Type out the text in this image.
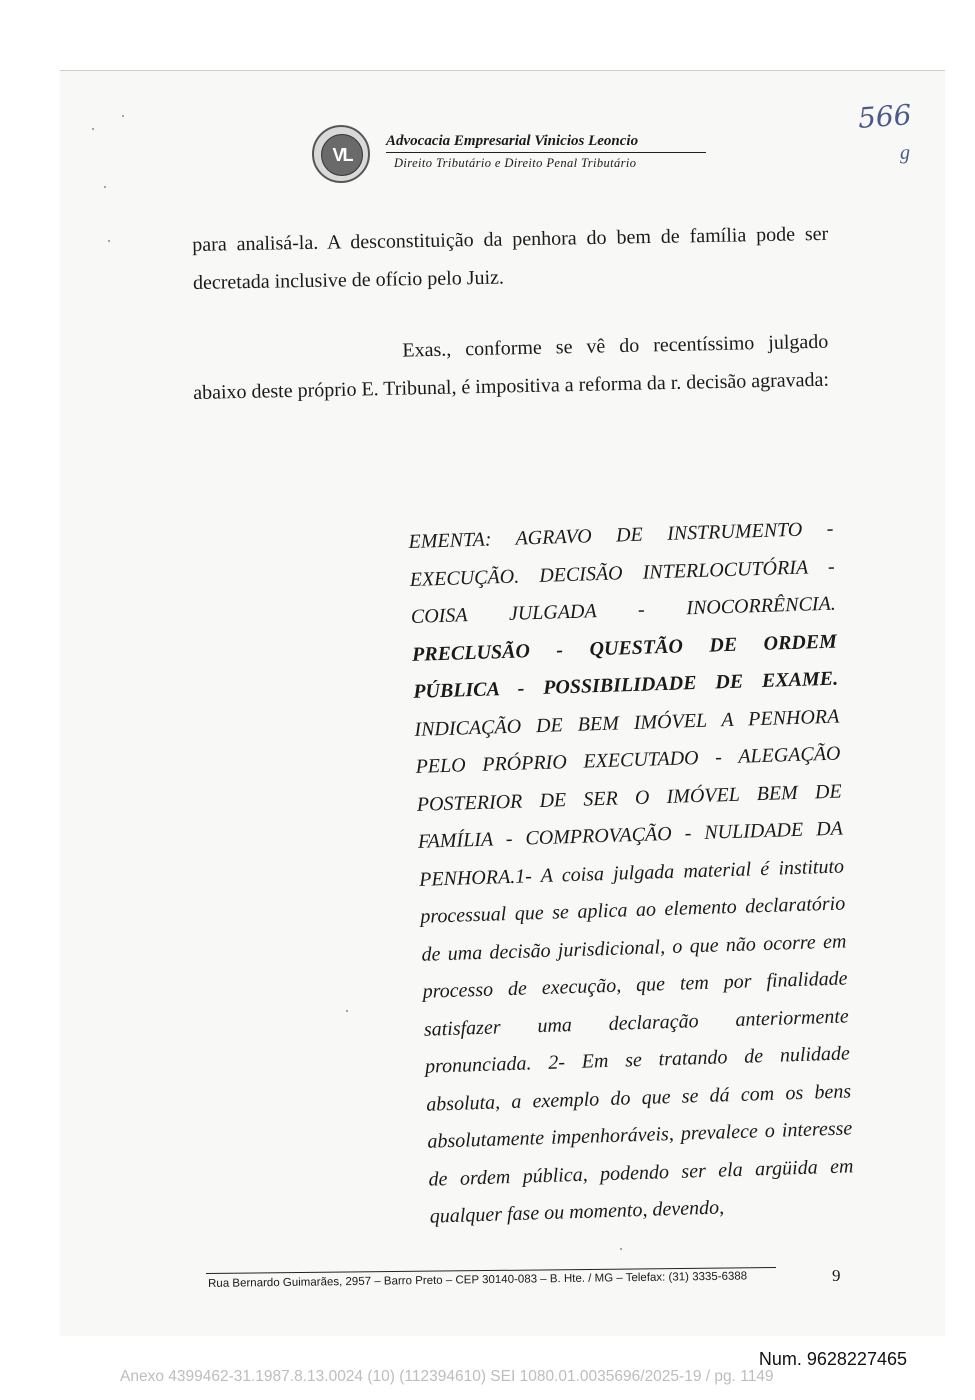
VL
Advocacia Empresarial Vinicios Leoncio
Direito Tributário e Direito Penal Tributário
566
g
para analisá-la. A desconstituição da penhora do bem de família pode ser decretada inclusive de ofício pelo Juiz.
Exas., conforme se vê do recentíssimo julgado abaixo deste próprio E. Tribunal, é impositiva a reforma da r. decisão agravada:
EMENTA: AGRAVO DE INSTRUMENTO - EXECUÇÃO. DECISÃO INTERLOCUTÓRIA - COISA JULGADA - INOCORRÊNCIA. PRECLUSÃO - QUESTÃO DE ORDEM PÚBLICA - POSSIBILIDADE DE EXAME. INDICAÇÃO DE BEM IMÓVEL A PENHORA PELO PRÓPRIO EXECUTADO - ALEGAÇÃO POSTERIOR DE SER O IMÓVEL BEM DE FAMÍLIA - COMPROVAÇÃO - NULIDADE DA PENHORA.1- A coisa julgada material é instituto processual que se aplica ao elemento declaratório de uma decisão jurisdicional, o que não ocorre em processo de execução, que tem por finalidade satisfazer uma declaração anteriormente pronunciada. 2- Em se tratando de nulidade absoluta, a exemplo do que se dá com os bens absolutamente impenhoráveis, prevalece o interesse de ordem pública, podendo ser ela argüida em qualquer fase ou momento, devendo,
Rua Bernardo Guimarães, 2957 – Barro Preto – CEP 30140-083 – B. Hte. / MG – Telefax: (31) 3335-6388	9
Num. 9628227465
Anexo 4399462-31.1987.8.13.0024 (10) (112394610) SEI 1080.01.0035696/2025-19 / pg. 1149
